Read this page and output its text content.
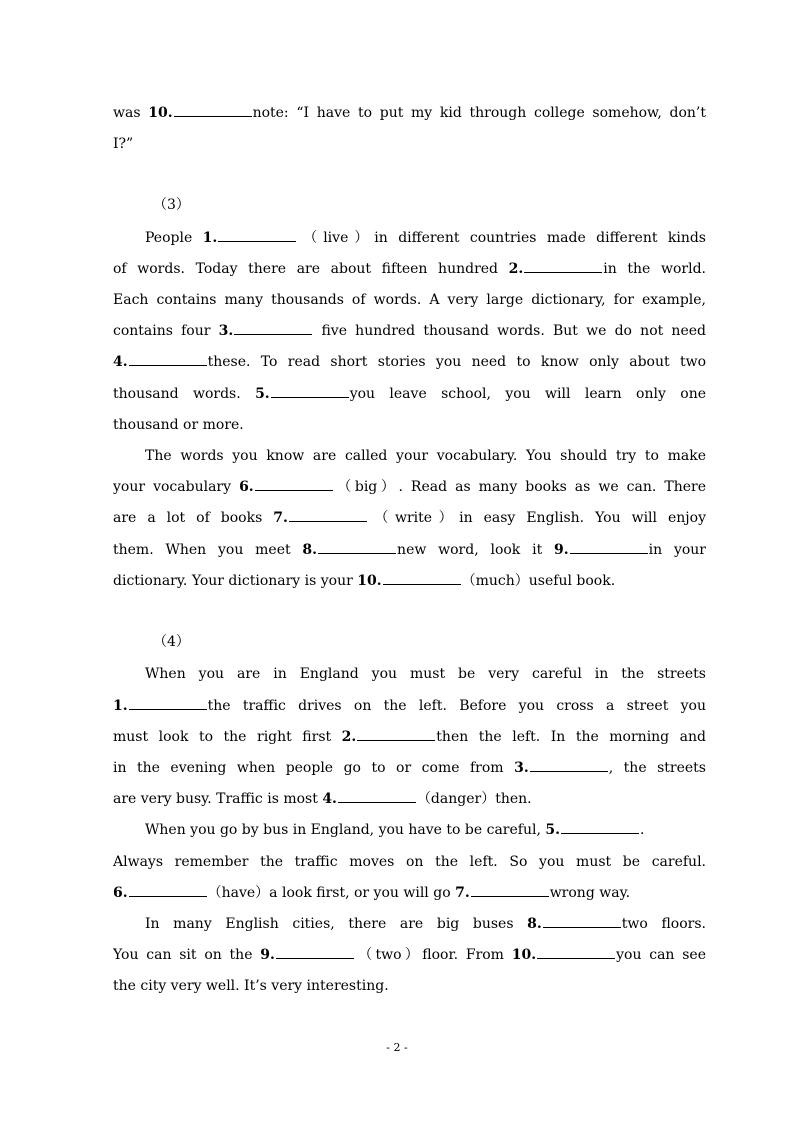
was 10.	note: “I have to put my kid through college somehow, don’t
I?”
（3）
People 1.	（live）in different countries made different kinds
of words. Today there are about fifteen hundred 2.	in the world.
Each contains many thousands of words. A very large dictionary, for example,
contains four 3.	five hundred thousand words. But we do not need
4.	these. To read short stories you need to know only about two
thousand words. 5.	you leave school, you will learn only one
thousand or more.
The words you know are called your vocabulary. You should try to make
your vocabulary 6.	（big）. Read as many books as we can. There
are a lot of books 7.	（write）in easy English. You will enjoy
them. When you meet 8.	new word, look it 9.	in your
dictionary. Your dictionary is your 10.	（much）useful book.
（4）
When you are in England you must be very careful in the streets
1.	the traffic drives on the left. Before you cross a street you
must look to the right first 2.	then the left. In the morning and
in the evening when people go to or come from 3.	, the streets
are very busy. Traffic is most 4.	（danger）then.
When you go by bus in England, you have to be careful, 5.	.
Always remember the traffic moves on the left. So you must be careful.
6.	（have）a look first, or you will go 7.	wrong way.
In many English cities, there are big buses 8.	two floors.
You can sit on the 9.	（two）floor. From 10.	you can see
the city very well. It’s very interesting.
- 2 -
